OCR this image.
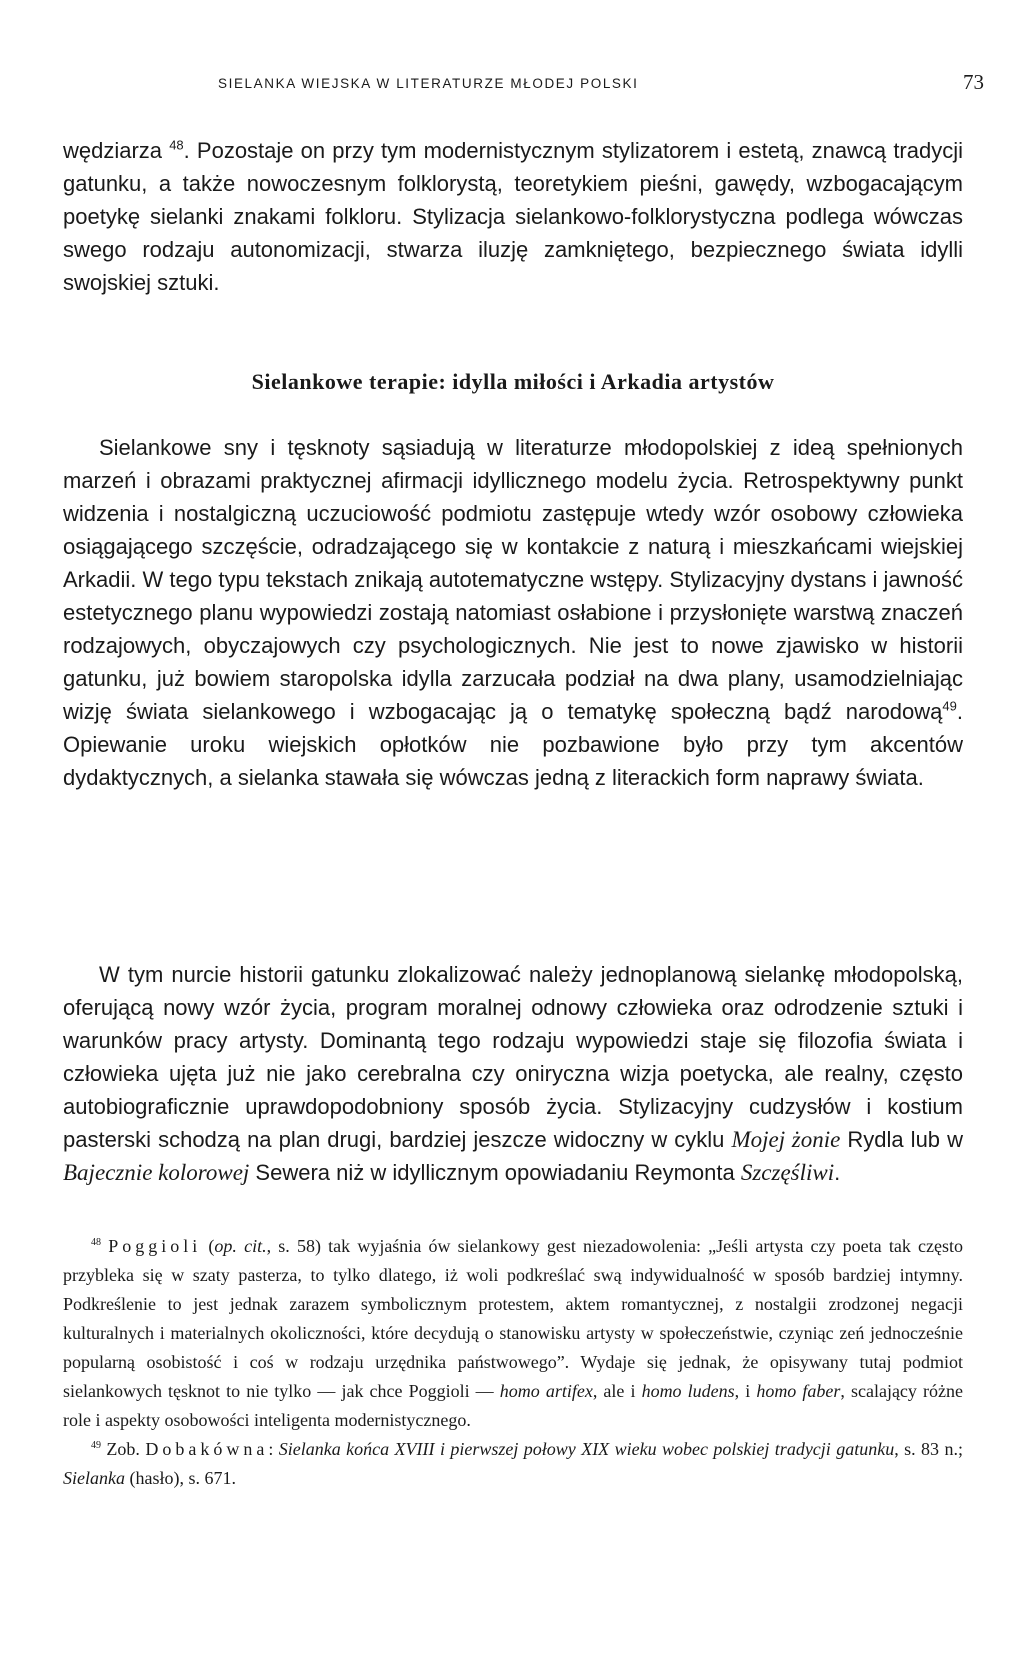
SIELANKA WIEJSKA W LITERATURZE MŁODEJ POLSKI	73

wędziarza $^{48}$. Pozostaje on przy tym modernistycznym stylizatorem i estetą, znawcą tradycji gatunku, a także nowoczesnym folklorystą, teoretykiem pieśni, gawędy, wzbogacającym poetykę sielanki znakami folkloru. Stylizacja sielankowo-folklorystyczna podlega wówczas swego rodzaju autonomizacji, stwarza iluzję zamkniętego, bezpiecznego świata idylli swojskiej sztuki.

Sielankowe terapie: idylla miłości i Arkadia artystów

Sielankowe sny i tęsknoty sąsiadują w literaturze młodopolskiej z ideą spełnionych marzeń i obrazami praktycznej afirmacji idyllicznego modelu życia. Retrospektywny punkt widzenia i nostalgiczną uczuciowość podmiotu zastępuje wtedy wzór osobowy człowieka osiągającego szczęście, odradzającego się w kontakcie z naturą i mieszkańcami wiejskiej Arkadii. W tego typu tekstach znikają autotematyczne wstępy. Stylizacyjny dystans i jawność estetycznego planu wypowiedzi zostają natomiast osłabione i przysłonięte warstwą znaczeń rodzajowych, obyczajowych czy psychologicznych. Nie jest to nowe zjawisko w historii gatunku, już bowiem staropolska idylla zarzucała podział na dwa plany, usamodzielniając wizję świata sielankowego i wzbogacając ją o tematykę społeczną bądź narodową$^{49}$. Opiewanie uroku wiejskich opłotków nie pozbawione było przy tym akcentów dydaktycznych, a sielanka stawała się wówczas jedną z literackich form naprawy świata.

W tym nurcie historii gatunku zlokalizować należy jednoplanową sielankę młodopolską, oferującą nowy wzór życia, program moralnej odnowy człowieka oraz odrodzenie sztuki i warunków pracy artysty. Dominantą tego rodzaju wypowiedzi staje się filozofia świata i człowieka ujęta już nie jako cerebralna czy oniryczna wizja poetycka, ale realny, często autobiograficznie uprawdopodobniony sposób życia. Stylizacyjny cudzysłów i kostium pasterski schodzą na plan drugi, bardziej jeszcze widoczny w cyklu Mojej żonie Rydla lub w Bajecznie kolorowej Sewera niż w idyllicznym opowiadaniu Reymonta Szczęśliwi.

$^{48}$ Poggioli (op. cit., s. 58) tak wyjaśnia ów sielankowy gest niezadowolenia: „Jeśli artysta czy poeta tak często przybleka się w szaty pasterza, to tylko dlatego, iż woli podkreślać swą indywidualność w sposób bardziej intymny. Podkreślenie to jest jednak zarazem symbolicznym protestem, aktem romantycznej, z nostalgii zrodzonej negacji kulturalnych i materialnych okoliczności, które decydują o stanowisku artysty w społeczeństwie, czyniąc zeń jednocześnie popularną osobistość i coś w rodzaju urzędnika państwowego”. Wydaje się jednak, że opisywany tutaj podmiot sielankowych tęsknot to nie tylko — jak chce Poggioli — homo artifex, ale i homo ludens, i homo faber, scalający różne role i aspekty osobowości inteligenta modernistycznego.

$^{49}$ Zob. Dobakówna: Sielanka końca XVIII i pierwszej połowy XIX wieku wobec polskiej tradycji gatunku, s. 83 n.; Sielanka (hasło), s. 671.
